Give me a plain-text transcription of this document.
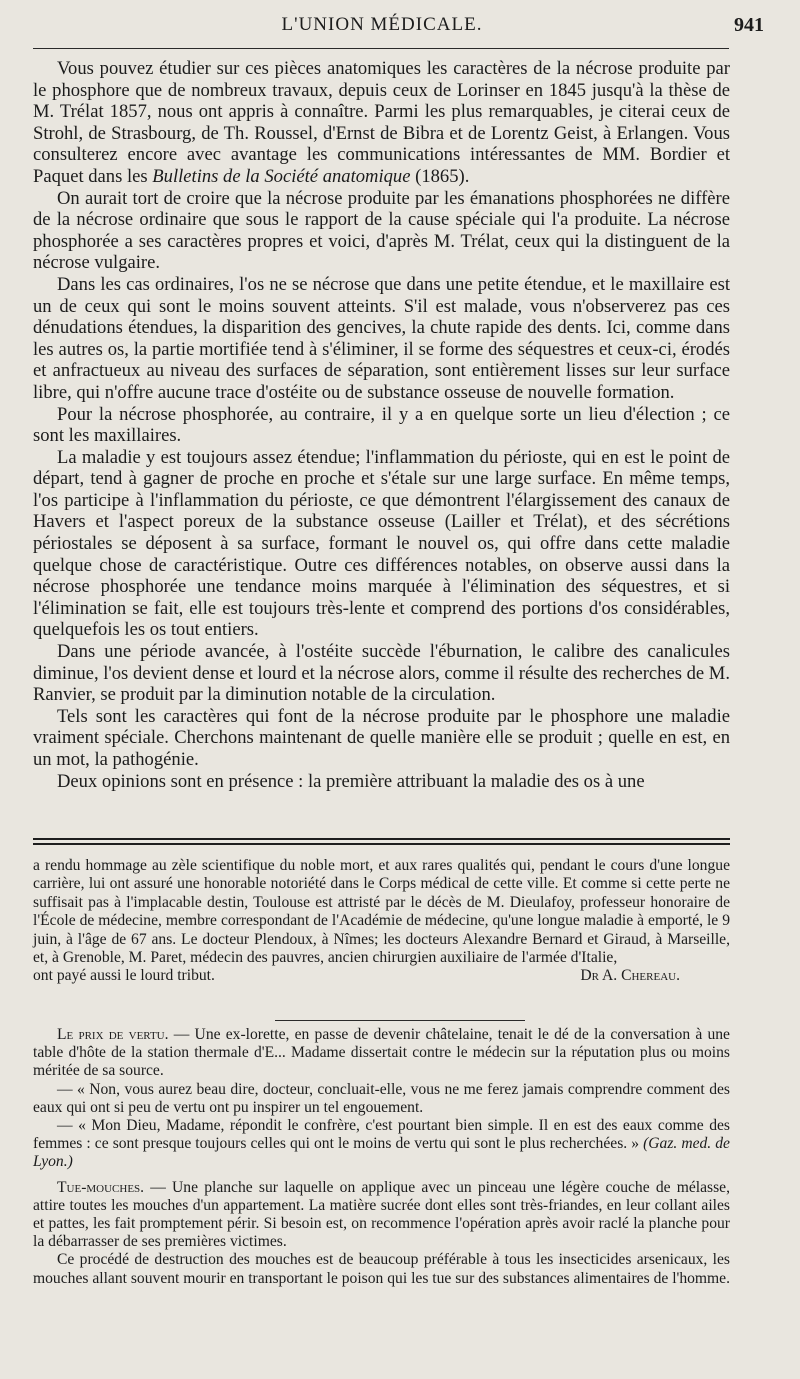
L'UNION MÉDICALE.	941

Vous pouvez étudier sur ces pièces anatomiques les caractères de la nécrose produite par le phosphore que de nombreux travaux, depuis ceux de Lorinser en 1845 jusqu'à la thèse de M. Trélat 1857, nous ont appris à connaître. Parmi les plus remarquables, je citerai ceux de Strohl, de Strasbourg, de Th. Roussel, d'Ernst de Bibra et de Lorentz Geist, à Erlangen. Vous consulterez encore avec avantage les communications intéressantes de MM. Bordier et Paquet dans les Bulletins de la Société anatomique (1865).

On aurait tort de croire que la nécrose produite par les émanations phosphorées ne diffère de la nécrose ordinaire que sous le rapport de la cause spéciale qui l'a produite. La nécrose phosphorée a ses caractères propres et voici, d'après M. Trélat, ceux qui la distinguent de la nécrose vulgaire.

Dans les cas ordinaires, l'os ne se nécrose que dans une petite étendue, et le maxillaire est un de ceux qui sont le moins souvent atteints. S'il est malade, vous n'observerez pas ces dénudations étendues, la disparition des gencives, la chute rapide des dents. Ici, comme dans les autres os, la partie mortifiée tend à s'éliminer, il se forme des séquestres et ceux-ci, érodés et anfractueux au niveau des surfaces de séparation, sont entièrement lisses sur leur surface libre, qui n'offre aucune trace d'ostéite ou de substance osseuse de nouvelle formation.

Pour la nécrose phosphorée, au contraire, il y a en quelque sorte un lieu d'élection ; ce sont les maxillaires.

La maladie y est toujours assez étendue; l'inflammation du périoste, qui en est le point de départ, tend à gagner de proche en proche et s'étale sur une large surface. En même temps, l'os participe à l'inflammation du périoste, ce que démontrent l'élargissement des canaux de Havers et l'aspect poreux de la substance osseuse (Lailler et Trélat), et des sécrétions périostales se déposent à sa surface, formant le nouvel os, qui offre dans cette maladie quelque chose de caractéristique. Outre ces différences notables, on observe aussi dans la nécrose phosphorée une tendance moins marquée à l'élimination des séquestres, et si l'élimination se fait, elle est toujours très-lente et comprend des portions d'os considérables, quelquefois les os tout entiers.

Dans une période avancée, à l'ostéite succède l'éburnation, le calibre des canalicules diminue, l'os devient dense et lourd et la nécrose alors, comme il résulte des recherches de M. Ranvier, se produit par la diminution notable de la circulation.

Tels sont les caractères qui font de la nécrose produite par le phosphore une maladie vraiment spéciale. Cherchons maintenant de quelle manière elle se produit ; quelle en est, en un mot, la pathogénie.

Deux opinions sont en présence : la première attribuant la maladie des os à une

a rendu hommage au zèle scientifique du noble mort, et aux rares qualités qui, pendant le cours d'une longue carrière, lui ont assuré une honorable notoriété dans le Corps médical de cette ville. Et comme si cette perte ne suffisait pas à l'implacable destin, Toulouse est attristé par le décès de M. Dieulafoy, professeur honoraire de l'École de médecine, membre correspondant de l'Académie de médecine, qu'une longue maladie à emporté, le 9 juin, à l'âge de 67 ans. Le docteur Plendoux, à Nîmes; les docteurs Alexandre Bernard et Giraud, à Marseille, et, à Grenoble, M. Paret, médecin des pauvres, ancien chirurgien auxiliaire de l'armée d'Italie,

ont payé aussi le lourd tribut.	Dr A. Chereau.

Le prix de vertu. — Une ex-lorette, en passe de devenir châtelaine, tenait le dé de la conversation à une table d'hôte de la station thermale d'E... Madame dissertait contre le médecin sur la réputation plus ou moins méritée de sa source.

— « Non, vous aurez beau dire, docteur, concluait-elle, vous ne me ferez jamais comprendre comment des eaux qui ont si peu de vertu ont pu inspirer un tel engouement.

— « Mon Dieu, Madame, répondit le confrère, c'est pourtant bien simple. Il en est des eaux comme des femmes : ce sont presque toujours celles qui ont le moins de vertu qui sont le plus recherchées. » (Gaz. med. de Lyon.)

Tue-mouches. — Une planche sur laquelle on applique avec un pinceau une légère couche de mélasse, attire toutes les mouches d'un appartement. La matière sucrée dont elles sont très-friandes, en leur collant ailes et pattes, les fait promptement périr. Si besoin est, on recommence l'opération après avoir raclé la planche pour la débarrasser de ses premières victimes.

Ce procédé de destruction des mouches est de beaucoup préférable à tous les insecticides arsenicaux, les mouches allant souvent mourir en transportant le poison qui les tue sur des substances alimentaires de l'homme.
